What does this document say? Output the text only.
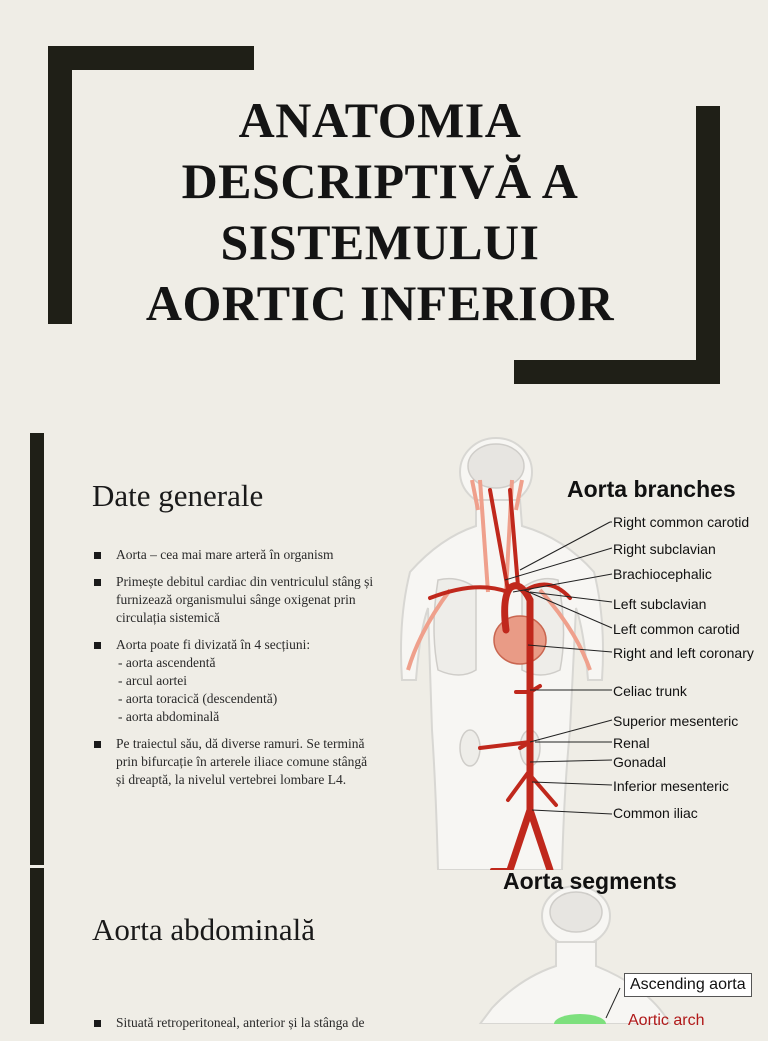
ANATOMIA
DESCRIPTIVĂ A
SISTEMULUI
AORTIC INFERIOR
Date generale
Aorta – cea mai mare arteră în organism
Primește debitul cardiac din ventriculul stâng și furnizează organismului sânge oxigenat prin circulația sistemică
Aorta poate fi divizată în 4 secțiuni:
- aorta ascendentă
- arcul aortei
- aorta toracică (descendentă)
- aorta abdominală
Pe traiectul său, dă diverse ramuri. Se termină prin bifurcație în arterele iliace comune stângă și dreaptă, la nivelul vertebrei lombare L4.
Aorta branches
Right common carotid
Right subclavian
Brachiocephalic
Left subclavian
Left common carotid
Right and left coronary
Celiac trunk
Superior mesenteric
Renal
Gonadal
Inferior mesenteric
Common iliac
Aorta abdominală
Situată retroperitoneal, anterior și la stânga de
Aorta segments
Ascending aorta
Aortic arch
